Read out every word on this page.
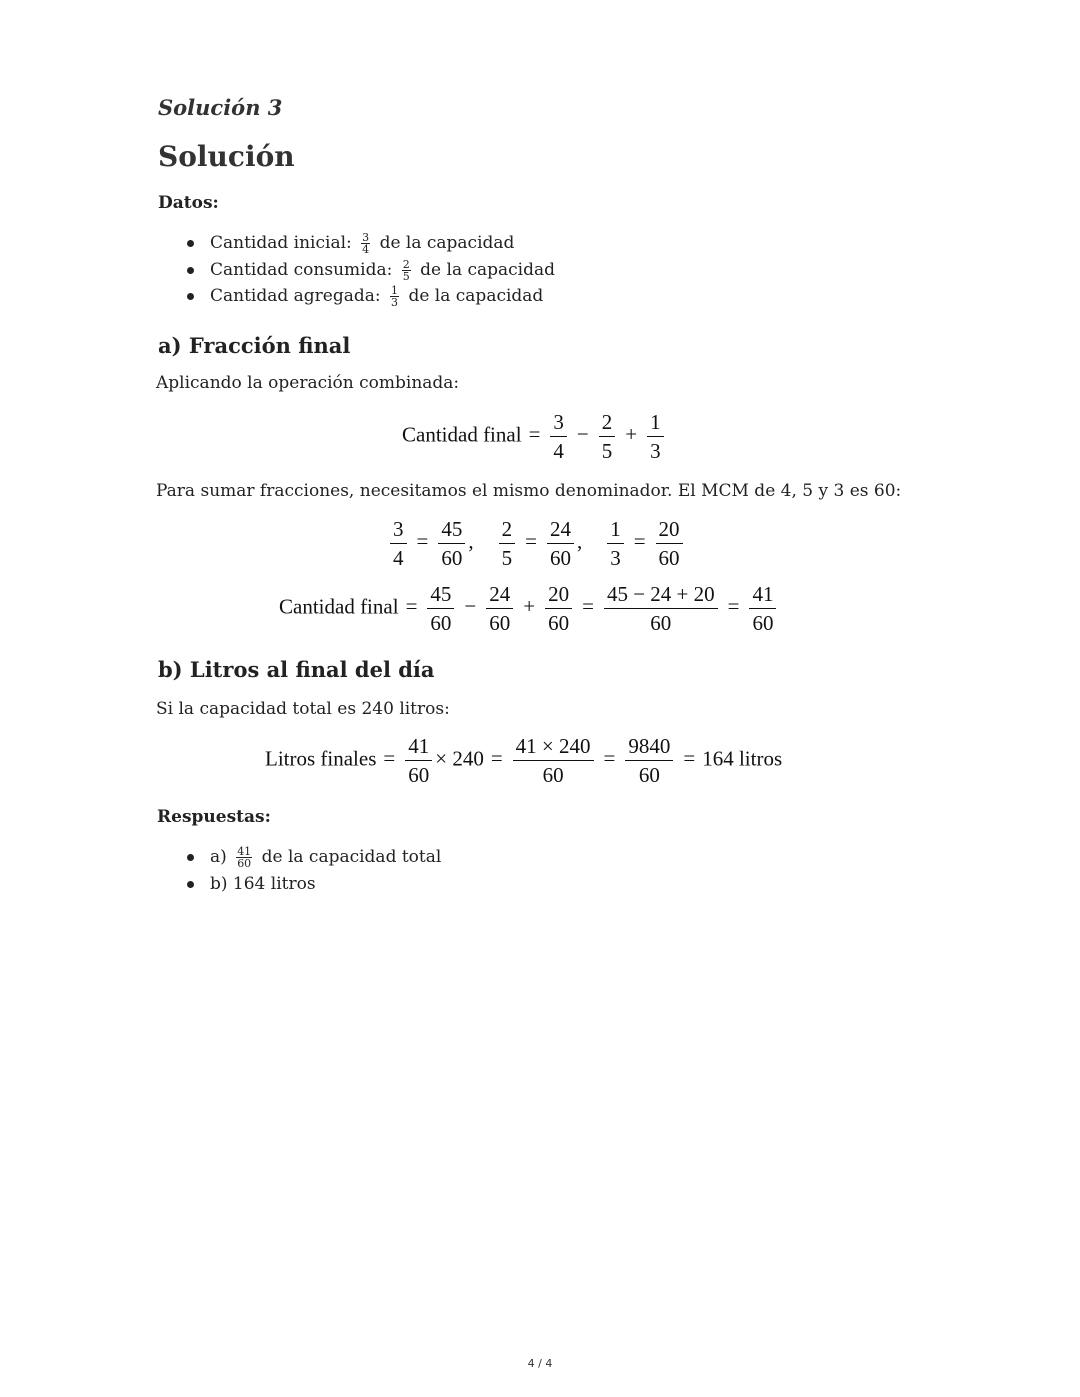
Solución 3
Solución
Datos:
Cantidad inicial: $\frac{3}{4}$ de la capacidad
Cantidad consumida: $\frac{2}{5}$ de la capacidad
Cantidad agregada: $\frac{1}{3}$ de la capacidad
a) Fracción final
Aplicando la operación combinada:
Cantidad final = $\frac{3}{4} - \frac{2}{5} + \frac{1}{3}$
Para sumar fracciones, necesitamos el mismo denominador. El MCM de 4, 5 y 3 es 60:
$\frac{3}{4} = \frac{45}{60}$ , $\frac{2}{5} = \frac{24}{60}$ , $\frac{1}{3} = \frac{20}{60}$
Cantidad final = $\frac{45}{60} - \frac{24}{60} + \frac{20}{60} = \frac{45 - 24 + 20}{60} = \frac{41}{60}$
b) Litros al final del día
Si la capacidad total es 240 litros:
Litros finales = $\frac{41}{60} \times 240 = \frac{41 \times 240}{60} = \frac{9840}{60} = 164$ litros
Respuestas:
$a) \frac{41}{60}$ de la capacidad total
b) 164 litros
4 / 4
